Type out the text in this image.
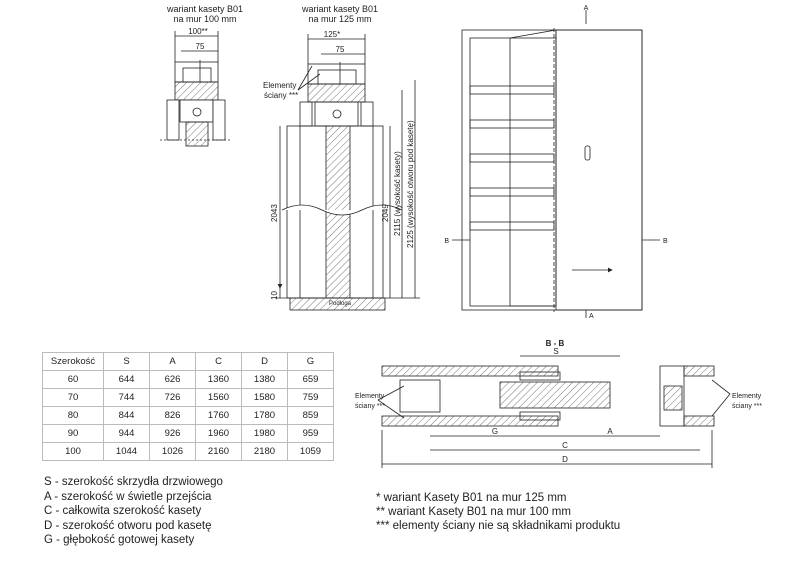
wariant kasety B01
na mur 100 mm
wariant kasety B01
na mur 125 mm
100**
75
125*
75
Elementy
ściany ***
2043
10
2049 2115 (wysokość kasety) 2125 (wysokość otworu pod kasetę)
Podłoga
A
B	B
A
B - B
S
G	A
C
D
Elementy
ściany ***
Elementy
ściany ***
Szerokość	S	A	C	D	G
60	644	626	1360	1380	659
70	744	726	1560	1580	759
80	844	826	1760	1780	859
90	944	926	1960	1980	959
100	1044	1026	2160	2180	1059
S - szerokość skrzydła drzwiowego
A - szerokość w świetle przejścia
C - całkowita szerokość kasety
D - szerokość otworu pod kasetę
G - głębokość gotowej kasety
* wariant Kasety B01 na mur 125 mm
** wariant Kasety B01 na mur 100 mm
*** elementy ściany nie są składnikami produktu
